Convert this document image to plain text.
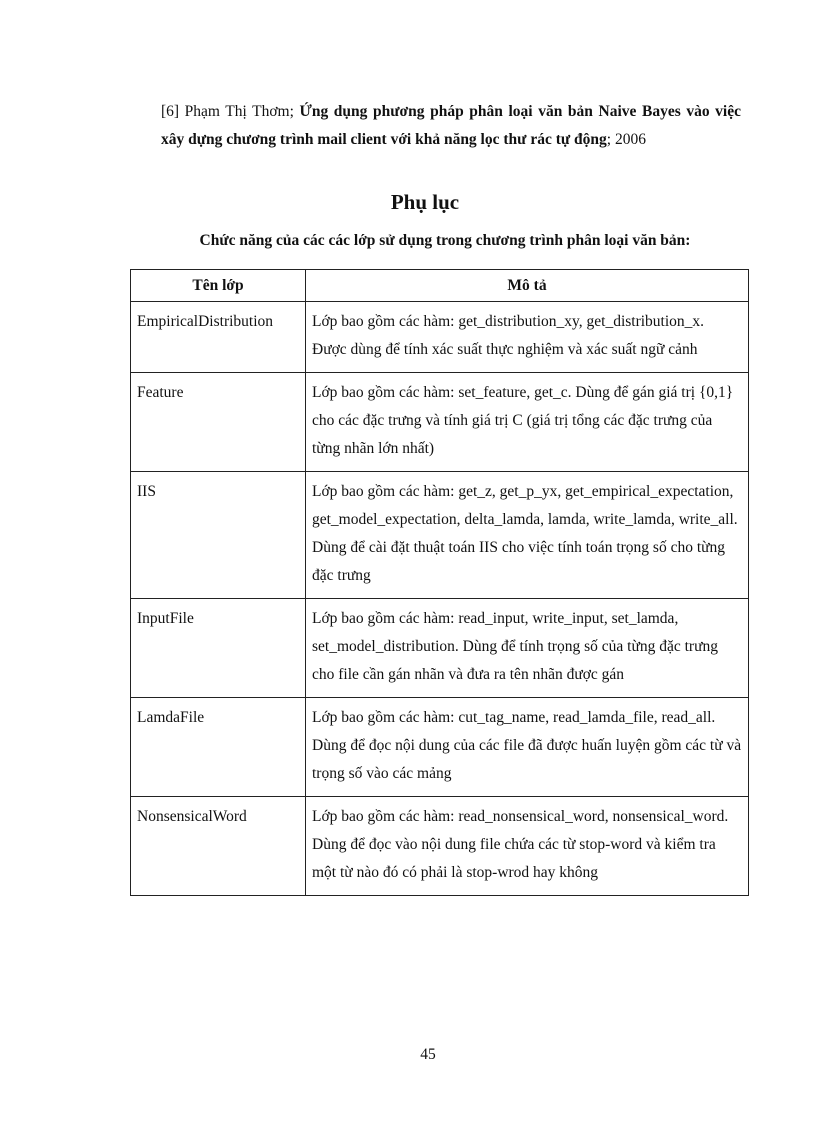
[6] Phạm Thị Thơm; Ứng dụng phương pháp phân loại văn bản Naive Bayes vào việc xây dựng chương trình mail client với khả năng lọc thư rác tự động; 2006
Phụ lục
Chức năng của các các lớp sử dụng trong chương trình phân loại văn bản:
Tên lớp	Mô tả
EmpiricalDistribution	Lớp bao gồm các hàm: get_distribution_xy, get_distribution_x. Được dùng để tính xác suất thực nghiệm và xác suất ngữ cảnh
Feature	Lớp bao gồm các hàm: set_feature, get_c. Dùng để gán giá trị {0,1} cho các đặc trưng và tính giá trị C (giá trị tổng các đặc trưng của từng nhãn lớn nhất)
IIS	Lớp bao gồm các hàm: get_z, get_p_yx, get_empirical_expectation, get_model_expectation, delta_lamda, lamda, write_lamda, write_all. Dùng để cài đặt thuật toán IIS cho việc tính toán trọng số cho từng đặc trưng
InputFile	Lớp bao gồm các hàm: read_input, write_input, set_lamda, set_model_distribution. Dùng để tính trọng số của từng đặc trưng cho file cần gán nhãn và đưa ra tên nhãn được gán
LamdaFile	Lớp bao gồm các hàm: cut_tag_name, read_lamda_file, read_all. Dùng để đọc nội dung của các file đã được huấn luyện gồm các từ và trọng số vào các mảng
NonsensicalWord	Lớp bao gồm các hàm: read_nonsensical_word, nonsensical_word. Dùng để đọc vào nội dung file chứa các từ stop-word và kiểm tra một từ nào đó có phải là stop-wrod hay không
45
